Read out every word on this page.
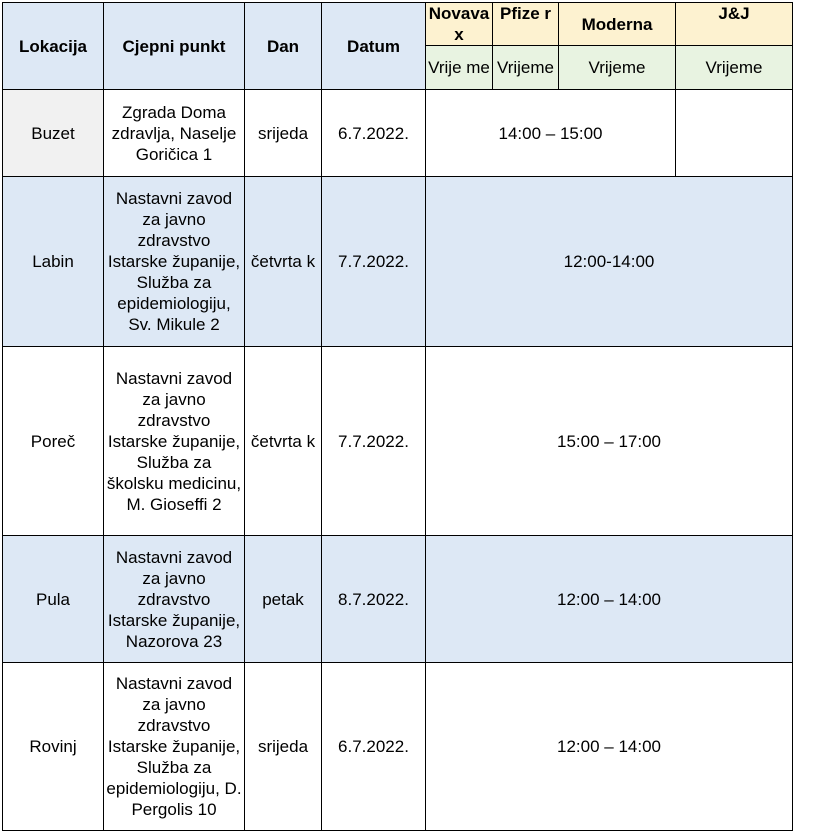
Lokacija	Cjepni punkt	Dan	Datum	Novavax	Pfize r	Moderna	J&J
				Vrije me	Vrijeme	Vrijeme	Vrijeme
Buzet	Zgrada Doma zdravlja, Naselje Goričica 1	srijeda	6.7.2022.	14:00 – 15:00			
Labin	Nastavni zavod za javno zdravstvo Istarske županije, Služba za epidemiologiju, Sv. Mikule 2	četvrta k	7.7.2022.	12:00-14:00			
Poreč	Nastavni zavod za javno zdravstvo Istarske županije, Služba za školsku medicinu, M. Gioseffi 2	četvrta k	7.7.2022.	15:00 – 17:00			
Pula	Nastavni zavod za javno zdravstvo Istarske županije, Nazorova 23	petak	8.7.2022.	12:00 – 14:00			
Rovinj	Nastavni zavod za javno zdravstvo Istarske županije, Služba za epidemiologiju, D. Pergolis 10	srijeda	6.7.2022.	12:00 – 14:00			
